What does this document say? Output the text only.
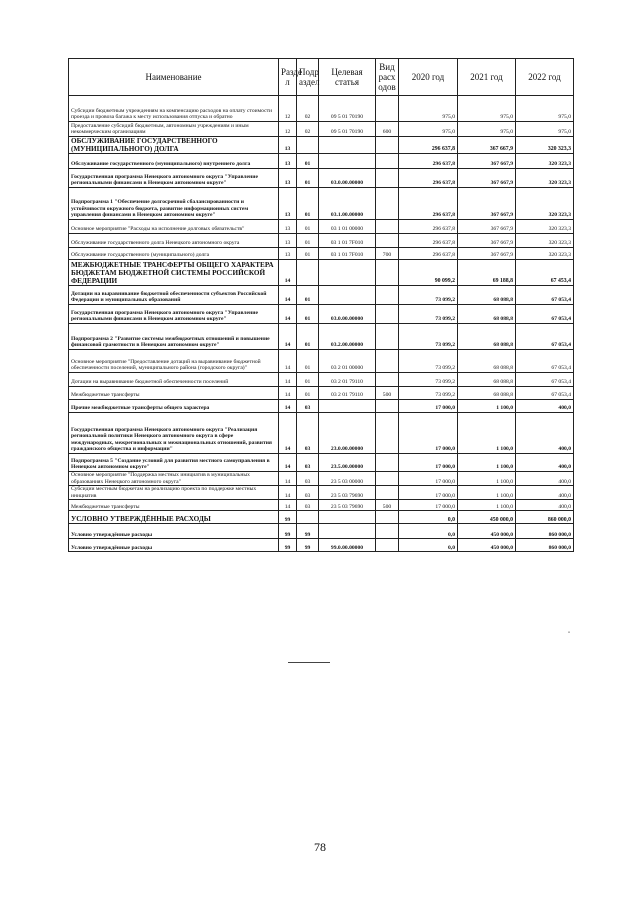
Наименование	Разде л	Подр аздел	Целевая статья	Вид расх одов	2020 год	2021 год	2022 год
Субсидии бюджетным учреждениям на компенсацию расходов на оплату стоимости проезда и провоза багажа к месту использования отпуска и обратно	12	02	09 5 01 70190		975,0	975,0	975,0
Предоставление субсидий бюджетным, автономным учреждениям и иным некоммерческим организациям	12	02	09 5 01 70190	600	975,0	975,0	975,0
ОБСЛУЖИВАНИЕ ГОСУДАРСТВЕННОГО (МУНИЦИПАЛЬНОГО) ДОЛГА	13				296 637,8	367 667,9	320 323,3
Обслуживание государственного (муниципального) внутреннего долга	13	01			296 637,8	367 667,9	320 323,3
Государственная программа Ненецкого автономного округа "Управление региональными финансами в Ненецком автономном округе"	13	01	03.0.00.00000		296 637,8	367 667,9	320 323,3
Подпрограмма 1 "Обеспечение долгосрочной сбалансированности и устойчивости окружного бюджета, развитие информационных систем управления финансами в Ненецком автономном округе"	13	01	03.1.00.00000		296 637,8	367 667,9	320 323,3
Основное мероприятие "Расходы на исполнение долговых обязательств"	13	01	03 1 01 00000		296 637,8	367 667,9	320 323,3
Обслуживание государственного долга Ненецкого автономного округа	13	01	03 1 01 7F010		296 637,8	367 667,9	320 323,3
Обслуживание государственного (муниципального) долга	13	01	03 1 01 7F010	700	296 637,8	367 667,9	320 323,3
МЕЖБЮДЖЕТНЫЕ ТРАНСФЕРТЫ ОБЩЕГО ХАРАКТЕРА БЮДЖЕТАМ БЮДЖЕТНОЙ СИСТЕМЫ РОССИЙСКОЙ ФЕДЕРАЦИИ	14				90 099,2	69 188,8	67 453,4
Дотации на выравнивание бюджетной обеспеченности субъектов Российской Федерации и муниципальных образований	14	01			73 099,2	68 088,8	67 053,4
Государственная программа Ненецкого автономного округа "Управление региональными финансами в Ненецком автономном округе"	14	01	03.0.00.00000		73 099,2	68 088,8	67 053,4
Подпрограмма 2 "Развитие системы межбюджетных отношений и повышение финансовой грамотности в Ненецком автономном округе"	14	01	03.2.00.00000		73 099,2	68 088,8	67 053,4
Основное мероприятие "Предоставление дотаций на выравнивание бюджетной обеспеченности поселений, муниципального района (городского округа)"	14	01	03 2 01 00000		73 099,2	68 088,8	67 053,4
Дотации на выравнивание бюджетной обеспеченности поселений	14	01	03 2 01 79110		73 099,2	68 088,8	67 053,4
Межбюджетные трансферты	14	01	03 2 01 79110	500	73 099,2	68 088,8	67 053,4
Прочие межбюджетные трансферты общего характера	14	03			17 000,0	1 100,0	400,0
Государственная программа Ненецкого автономного округа "Реализация региональной политики Ненецкого автономного округа в сфере международных, межрегиональных и межнациональных отношений, развития гражданского общества и информации"	14	03	23.0.00.00000		17 000,0	1 100,0	400,0
Подпрограмма 5 "Создание условий для развития местного самоуправления в Ненецком автономном округе"	14	03	23.5.00.00000		17 000,0	1 100,0	400,0
Основное мероприятие "Поддержка местных инициатив в муниципальных образованиях Ненецкого автономного округа"	14	03	23 5 03 00000		17 000,0	1 100,0	400,0
Субсидии местным бюджетам на реализацию проекта по поддержке местных инициатив	14	03	23 5 03 79690		17 000,0	1 100,0	400,0
Межбюджетные трансферты	14	03	23 5 03 79690	500	17 000,0	1 100,0	400,0
УСЛОВНО УТВЕРЖДЁННЫЕ РАСХОДЫ	99				0,0	450 000,0	860 000,0
Условно утверждённые расходы	99	99			0,0	450 000,0	860 000,0
Условно утверждённые расходы	99	99	99.0.00.00000		0,0	450 000,0	860 000,0
»
78
